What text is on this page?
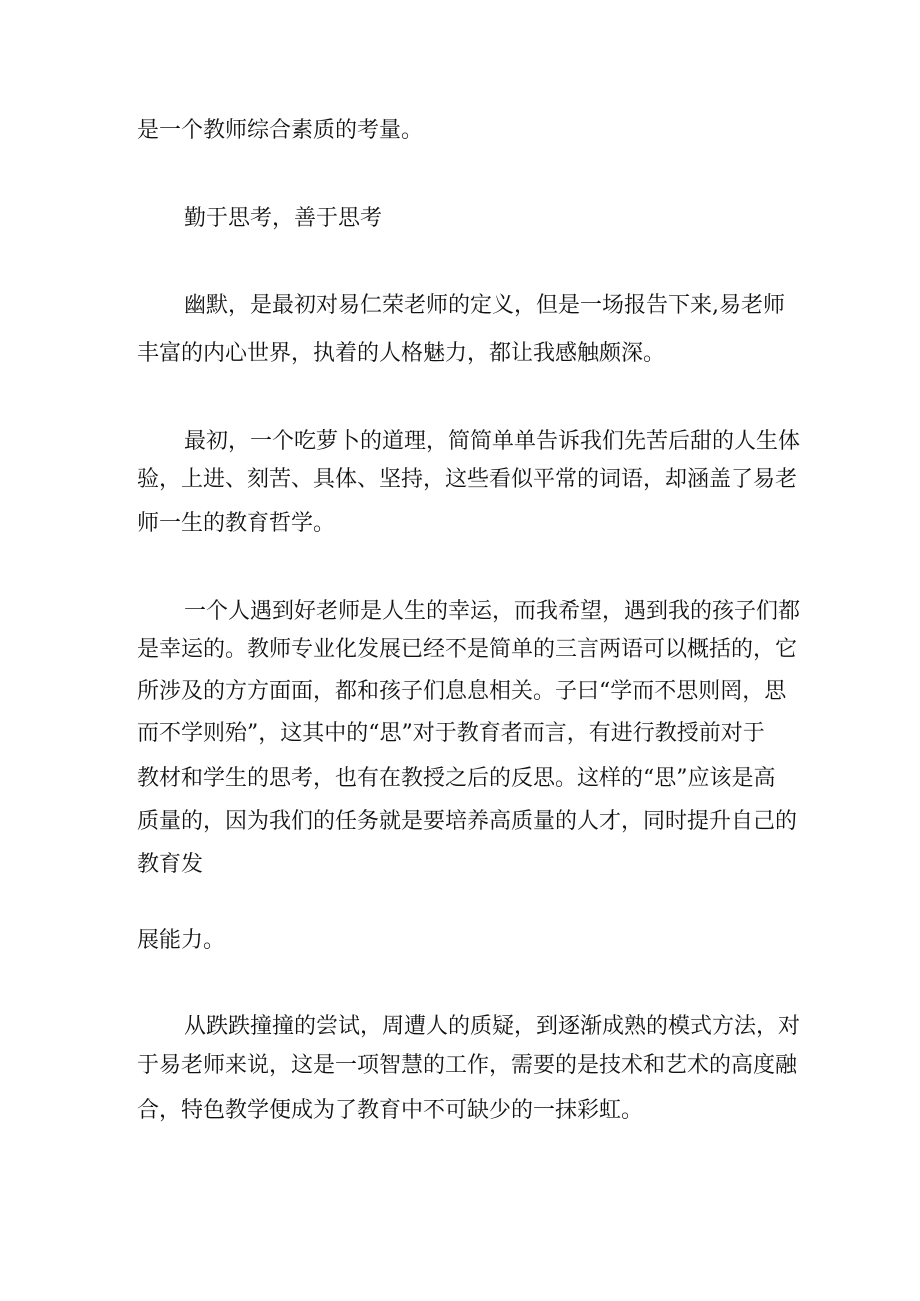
是一个教师综合素质的考量。

勤于思考，善于思考

幽默，是最初对易仁荣老师的定义，但是一场报告下来,易老师

丰富的内心世界，执着的人格魅力，都让我感触颇深。

最初，一个吃萝卜的道理，简简单单告诉我们先苦后甜的人生体

验，上进、刻苦、具体、坚持，这些看似平常的词语，却涵盖了易老

师一生的教育哲学。

一个人遇到好老师是人生的幸运，而我希望，遇到我的孩子们都

是幸运的。教师专业化发展已经不是简单的三言两语可以概括的，它

所涉及的方方面面，都和孩子们息息相关。子曰“学而不思则罔，思

而不学则殆”，这其中的“思”对于教育者而言，有进行教授前对于

教材和学生的思考，也有在教授之后的反思。这样的“思”应该是高

质量的，因为我们的任务就是要培养高质量的人才，同时提升自己的

教育发

展能力。

从跌跌撞撞的尝试，周遭人的质疑，到逐渐成熟的模式方法，对

于易老师来说，这是一项智慧的工作，需要的是技术和艺术的高度融

合，特色教学便成为了教育中不可缺少的一抹彩虹。
